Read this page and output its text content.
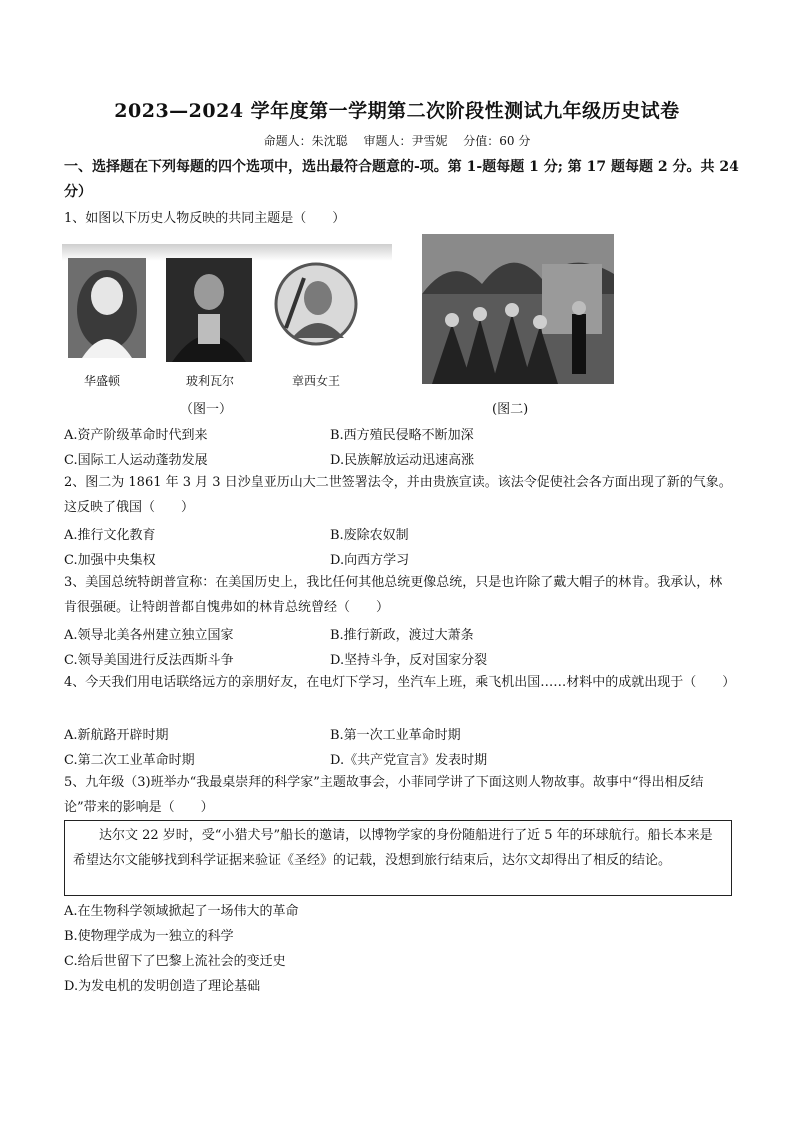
2023—2024 学年度第一学期第二次阶段性测试九年级历史试卷
命题人：朱沈聪 审题人：尹雪妮 分值：60 分
一、选择题在下列每题的四个选项中，选出最符合题意的-项。第 1-题每题 1 分; 第 17 题每题 2 分。共 24 分）
1、如图以下历史人物反映的共同主题是（　　）
华盛顿	玻利瓦尔	章西女王
（图一）	(图二)
A.资产阶级革命时代到来	B.西方殖民侵略不断加深
C.国际工人运动蓬勃发展	D.民族解放运动迅速高涨
2、图二为 1861 年 3 月 3 日沙皇亚历山大二世签署法令，并由贵族宣读。该法令促使社会各方面出现了新的气象。这反映了俄国（　　）
A.推行文化教育	B.废除农奴制
C.加强中央集权	D.向西方学习
3、美国总统特朗普宣称：在美国历史上，我比任何其他总统更像总统，只是也许除了戴大帽子的林肯。我承认，林肯很强硬。让特朗普都自愧弗如的林肯总统曾经（　　）
A.领导北美各州建立独立国家	B.推行新政，渡过大萧条
C.领导美国进行反法西斯斗争	D.坚持斗争，反对国家分裂
4、今天我们用电话联络远方的亲朋好友，在电灯下学习，坐汽车上班，乘飞机出国……材料中的成就出现于（　　）
A.新航路开辟时期	B.第一次工业革命时期
C.第二次工业革命时期	D.《共产党宣言》发表时期
5、九年级（3)班举办“我最桌崇拜的科学家”主题故事会，小菲同学讲了下面这则人物故事。故事中“得出相反结论”带来的影响是（　　）
达尔文 22 岁时，受“小猎犬号”船长的邀请，以博物学家的身份随船进行了近 5 年的环球航行。船长本来是希望达尔文能够找到科学证据来验证《圣经》的记载，没想到旅行结束后，达尔文却得出了相反的结论。
A.在生物科学领域掀起了一场伟大的革命
B.使物理学成为一独立的科学
C.给后世留下了巴黎上流社会的变迁史
D.为发电机的发明创造了理论基础
